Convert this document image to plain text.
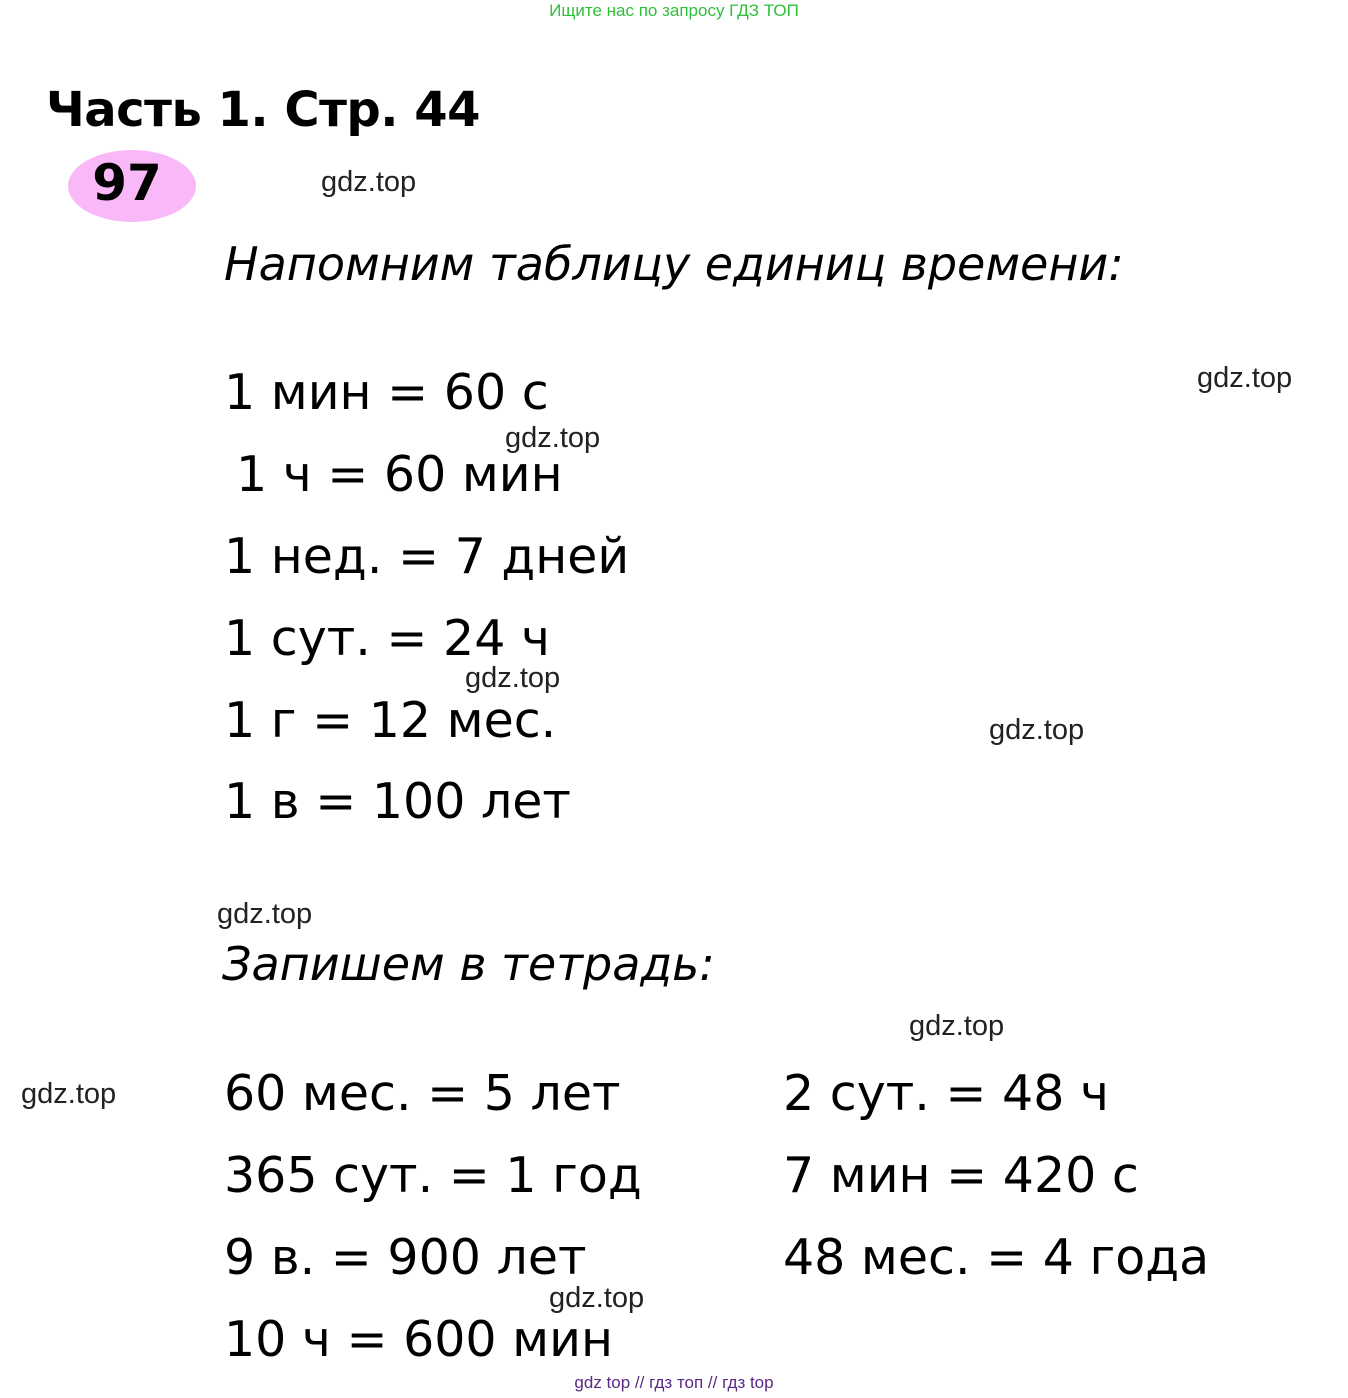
Ищите нас по запросу ГДЗ ТОП
Часть 1. Стр. 44
97
Напомним таблицу единиц времени:
1 мин = 60 с
1 ч = 60 мин
1 нед. = 7 дней
1 сут. = 24 ч
1 г = 12 мес.
1 в = 100 лет
Запишем в тетрадь:
60 мес. = 5 лет
365 сут. = 1 год
9 в. = 900 лет
10 ч = 600 мин
2 сут. = 48 ч
7 мин = 420 с
48 мес. = 4 года
gdz.top
gdz.top
gdz.top
gdz.top
gdz.top
gdz.top
gdz.top
gdz.top
gdz.top
gdz top // гдз топ // гдз top
